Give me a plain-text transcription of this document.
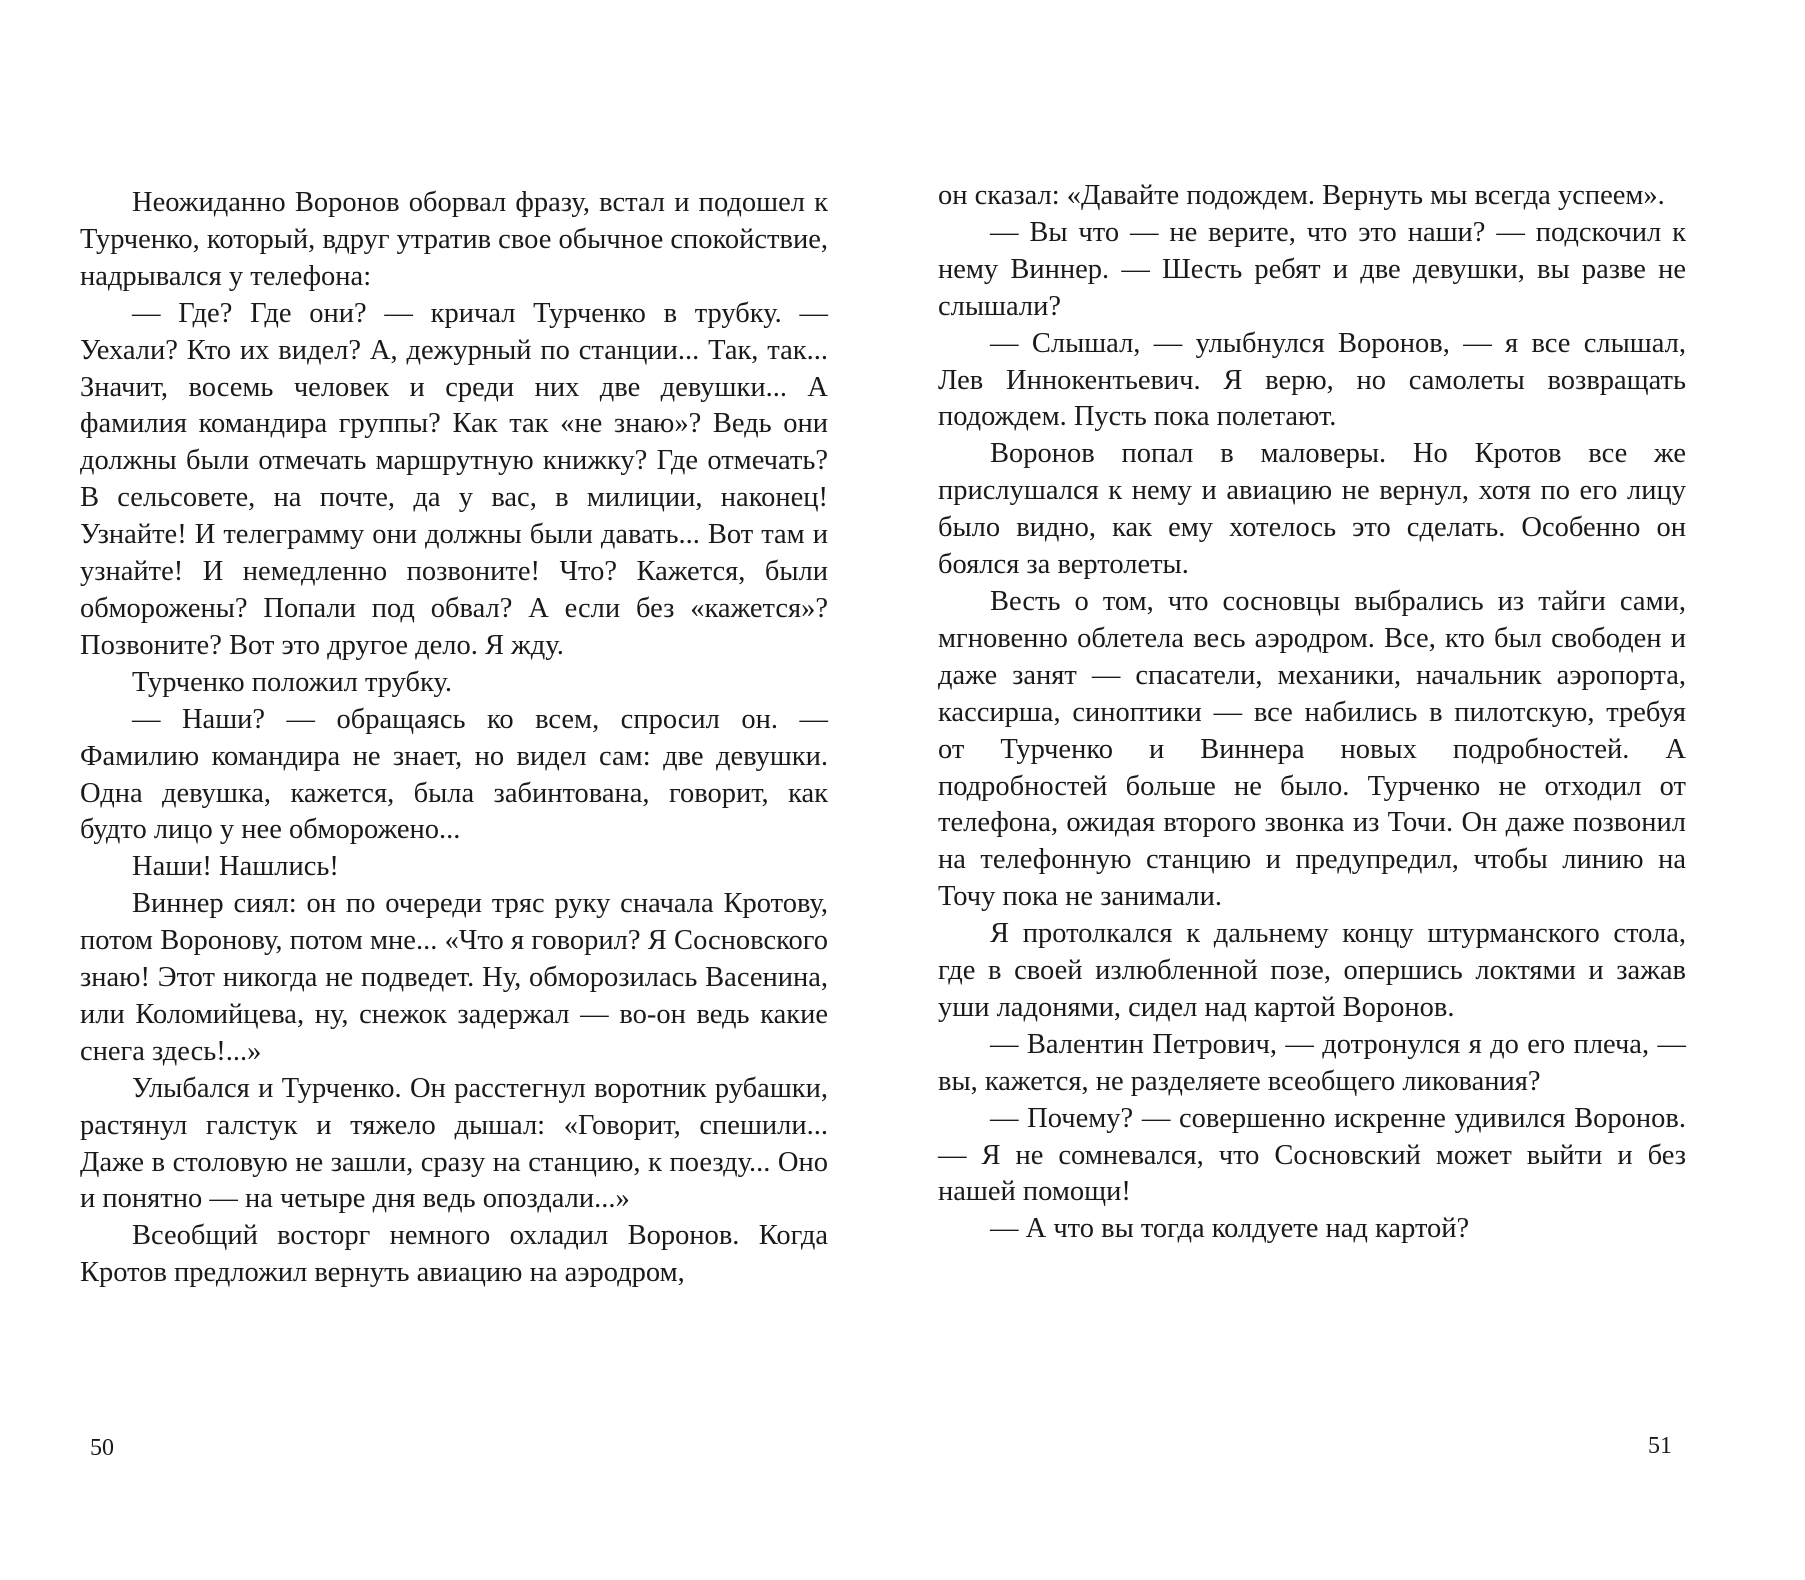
Неожиданно Воронов оборвал фразу, встал и подошел к Турченко, который, вдруг утратив свое обычное спокойствие, надрывался у телефона:

— Где? Где они? — кричал Турченко в трубку. — Уехали? Кто их видел? А, дежурный по станции... Так, так... Значит, восемь человек и среди них две девушки... А фамилия командира группы? Как так «не знаю»? Ведь они должны были отмечать маршрутную книжку? Где отмечать? В сельсовете, на почте, да у вас, в милиции, наконец! Узнайте! И телеграмму они должны были давать... Вот там и узнайте! И немедленно позвоните! Что? Кажется, были обморожены? Попали под обвал? А если без «кажется»? Позвоните? Вот это другое дело. Я жду.

Турченко положил трубку.

— Наши? — обращаясь ко всем, спросил он. — Фамилию командира не знает, но видел сам: две девушки. Одна девушка, кажется, была забинтована, говорит, как будто лицо у нее обморожено...

Наши! Нашлись!

Виннер сиял: он по очереди тряс руку сначала Кротову, потом Воронову, потом мне... «Что я говорил? Я Сосновского знаю! Этот никогда не подведет. Ну, обморозилась Васенина, или Коломийцева, ну, снежок задержал — во-он ведь какие снега здесь!...»

Улыбался и Турченко. Он расстегнул воротник рубашки, растянул галстук и тяжело дышал: «Говорит, спешили... Даже в столовую не зашли, сразу на станцию, к поезду... Оно и понятно — на четыре дня ведь опоздали...»

Всеобщий восторг немного охладил Воронов. Когда Кротов предложил вернуть авиацию на аэродром,

50

он сказал: «Давайте подождем. Вернуть мы всегда успеем».

— Вы что — не верите, что это наши? — подскочил к нему Виннер. — Шесть ребят и две девушки, вы разве не слышали?

— Слышал, — улыбнулся Воронов, — я все слышал, Лев Иннокентьевич. Я верю, но самолеты возвращать подождем. Пусть пока полетают.

Воронов попал в маловеры. Но Кротов все же прислушался к нему и авиацию не вернул, хотя по его лицу было видно, как ему хотелось это сделать. Особенно он боялся за вертолеты.

Весть о том, что сосновцы выбрались из тайги сами, мгновенно облетела весь аэродром. Все, кто был свободен и даже занят — спасатели, механики, начальник аэропорта, кассирша, синоптики — все набились в пилотскую, требуя от Турченко и Виннера новых подробностей. А подробностей больше не было. Турченко не отходил от телефона, ожидая второго звонка из Точи. Он даже позвонил на телефонную станцию и предупредил, чтобы линию на Точу пока не занимали.

Я протолкался к дальнему концу штурманского стола, где в своей излюбленной позе, опершись локтями и зажав уши ладонями, сидел над картой Воронов.

— Валентин Петрович, — дотронулся я до его плеча, — вы, кажется, не разделяете всеобщего ликования?

— Почему? — совершенно искренне удивился Воронов. — Я не сомневался, что Сосновский может выйти и без нашей помощи!

— А что вы тогда колдуете над картой?

51
